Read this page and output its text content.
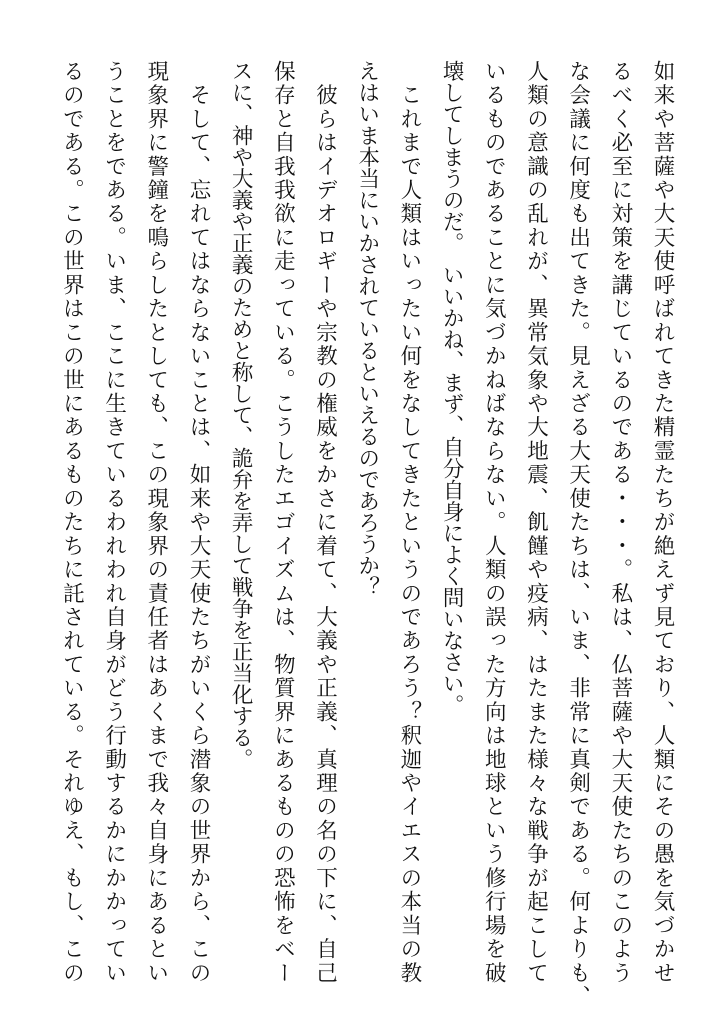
如来や菩薩や大天使呼ばれてきた精霊たちが絶えず見ており、人類にその愚を気づかせ
るべく必至に対策を講じているのである・・・。私は、仏菩薩や大天使たちのこのよう
な会議に何度も出てきた。見えざる大天使たちは、いま、非常に真剣である。何よりも、
人類の意識の乱れが、異常気象や大地震、飢饉や疫病、はたまた様々な戦争が起こして
いるものであることに気づかねばならない。人類の誤った方向は地球という修行場を破
壊してしまうのだ。　いいかね、まず、自分自身によく問いなさい。
　これまで人類はいったい何をなしてきたというのであろう？釈迦やイエスの本当の教
えはいま本当にいかされているといえるのであろうか？
　彼らはイデオロギーや宗教の権威をかさに着て、大義や正義、真理の名の下に、自己
保存と自我我欲に走っている。こうしたエゴイズムは、物質界にあるものの恐怖をベー
スに、神や大義や正義のためと称して、詭弁を弄して戦争を正当化する。
　そして、忘れてはならないことは、如来や大天使たちがいくら潜象の世界から、この
現象界に警鐘を鳴らしたとしても、この現象界の責任者はあくまで我々自身にあるとい
うことをである。いま、ここに生きているわれわれ自身がどう行動するかにかかってい
るのである。この世界はこの世にあるものたちに託されている。それゆえ、もし、この
